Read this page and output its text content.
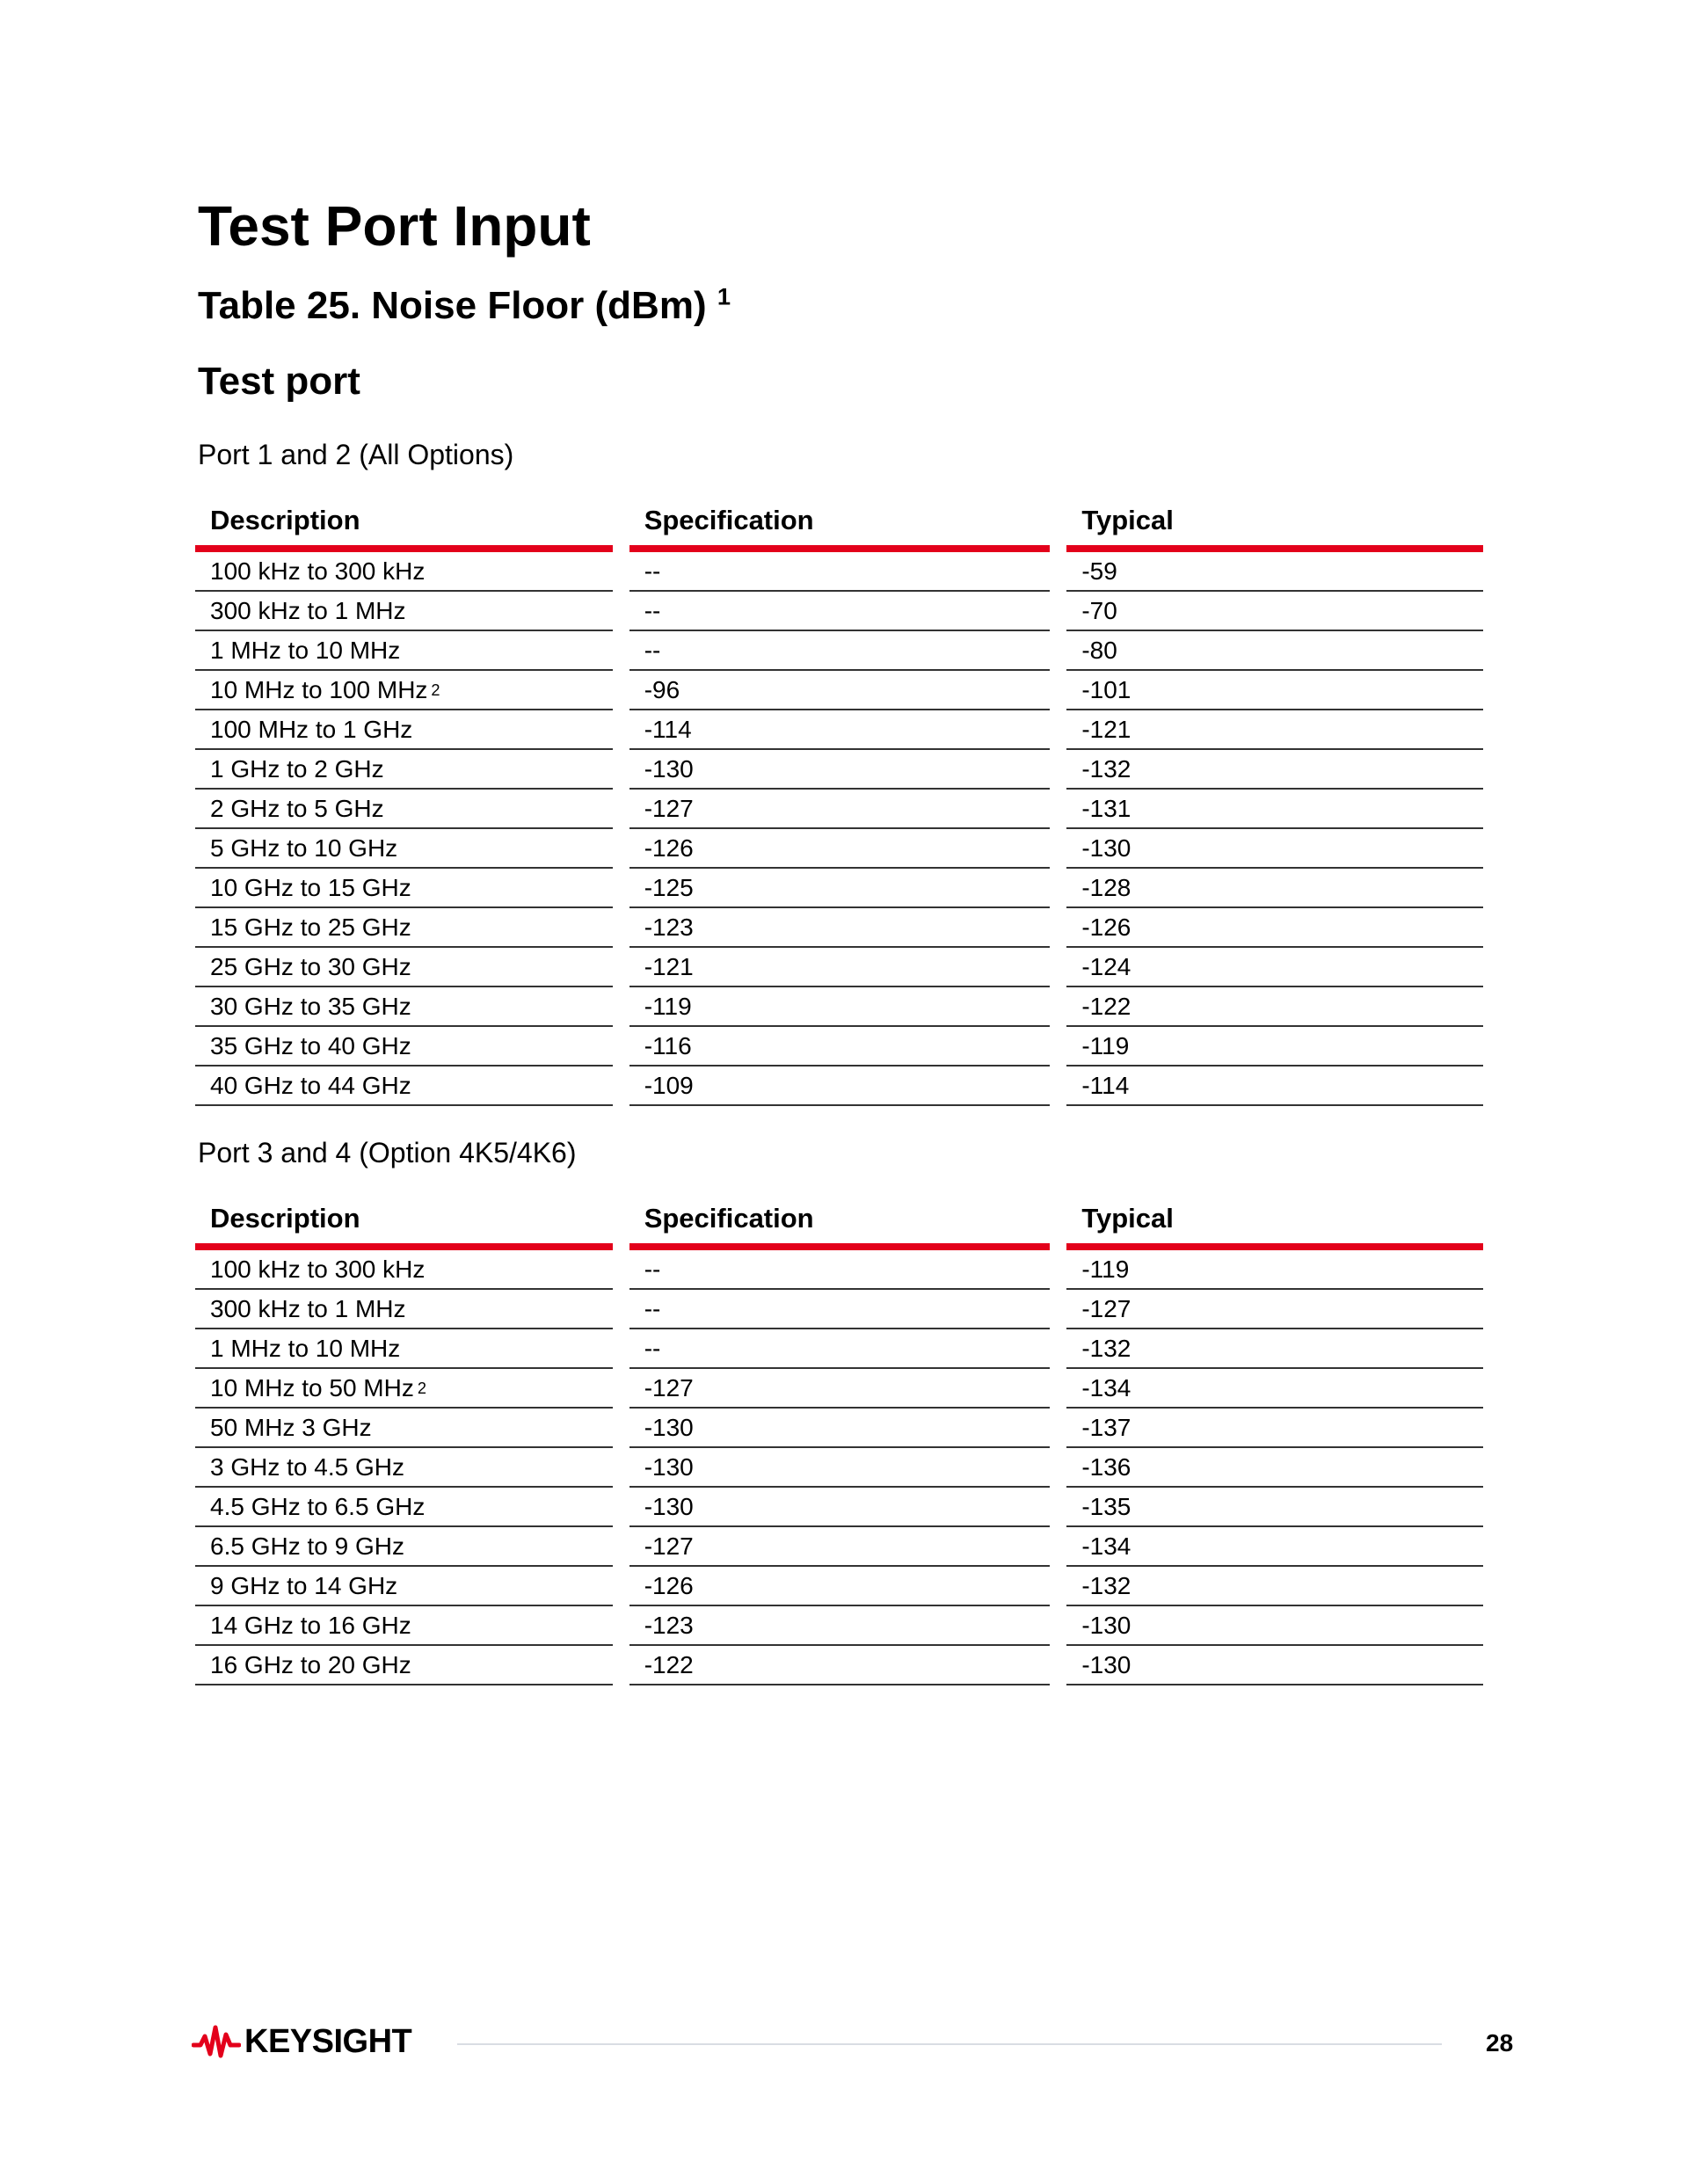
Test Port Input
Table 25. Noise Floor (dBm) $^1$
Test port

Port 1 and 2 (All Options)

Description	Specification	Typical
100 kHz to 300 kHz	--	-59
300 kHz to 1 MHz	--	-70
1 MHz to 10 MHz	--	-80
10 MHz to 100 MHz 2	-96	-101
100 MHz to 1 GHz	-114	-121
1 GHz to 2 GHz	-130	-132
2 GHz to 5 GHz	-127	-131
5 GHz to 10 GHz	-126	-130
10 GHz to 15 GHz	-125	-128
15 GHz to 25 GHz	-123	-126
25 GHz to 30 GHz	-121	-124
30 GHz to 35 GHz	-119	-122
35 GHz to 40 GHz	-116	-119
40 GHz to 44 GHz	-109	-114

Port 3 and 4 (Option 4K5/4K6)

Description	Specification	Typical
100 kHz to 300 kHz	--	-119
300 kHz to 1 MHz	--	-127
1 MHz to 10 MHz	--	-132
10 MHz to 50 MHz 2	-127	-134
50 MHz 3 GHz	-130	-137
3 GHz to 4.5 GHz	-130	-136
4.5 GHz to 6.5 GHz	-130	-135
6.5 GHz to 9 GHz	-127	-134
9 GHz to 14 GHz	-126	-132
14 GHz to 16 GHz	-123	-130
16 GHz to 20 GHz	-122	-130
KEYSIGHT	28
